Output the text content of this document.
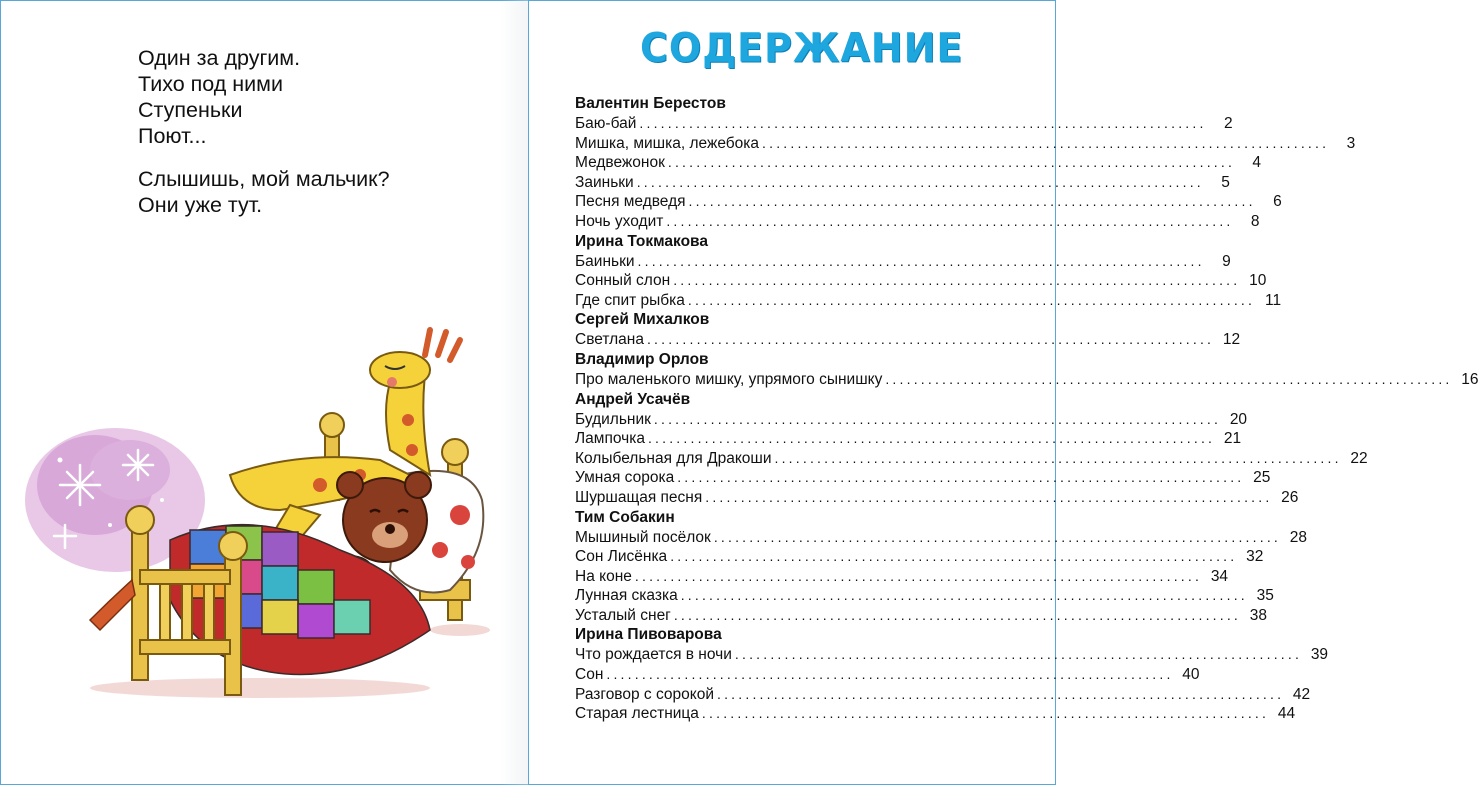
Один за другим.
Тихо под ними
Ступеньки
Поют...
Слышишь, мой мальчик?
Они уже тут.
СОДЕРЖАНИЕ
Валентин Берестов
Баю-бай ................................................................................	2
Мишка, мишка, лежебока ................................................................................	3
Медвежонок ................................................................................	4
Заиньки ................................................................................	5
Песня медведя ................................................................................	6
Ночь уходит ................................................................................	8
Ирина Токмакова
Баиньки ................................................................................	9
Сонный слон ................................................................................ 10
Где спит рыбка ................................................................................ 11
Сергей Михалков
Светлана ................................................................................ 12
Владимир Орлов
Про маленького мишку, упрямого сынишку ................................................................................ 16
Андрей Усачёв
Будильник ................................................................................ 20
Лампочка ................................................................................ 21
Колыбельная для Дракоши ................................................................................ 22
Умная сорока ................................................................................ 25
Шуршащая песня ................................................................................ 26
Тим Собакин
Мышиный посёлок ................................................................................ 28
Сон Лисёнка ................................................................................ 32
На коне ................................................................................ 34
Лунная сказка ................................................................................ 35
Усталый снег ................................................................................ 38
Ирина Пивоварова
Что рождается в ночи ................................................................................ 39
Сон ................................................................................ 40
Разговор с сорокой ................................................................................ 42
Старая лестница ................................................................................ 44
